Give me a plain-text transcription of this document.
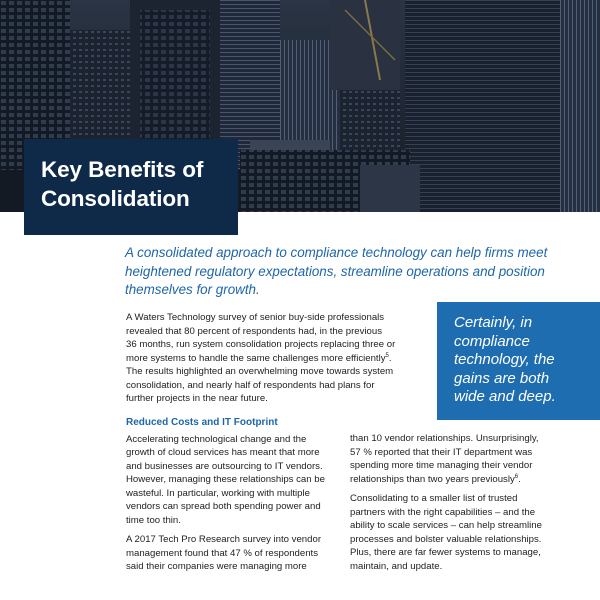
Key Benefits of
Consolidation
A consolidated approach to compliance technology can help firms meet
heightened regulatory expectations, streamline operations and position
themselves for growth.
A Waters Technology survey of senior buy-side professionals
revealed that 80 percent of respondents had, in the previous
36 months, run system consolidation projects replacing three or
more systems to handle the same challenges more efficiently$^5$.
The results highlighted an overwhelming move towards system
consolidation, and nearly half of respondents had plans for
further projects in the near future.
Certainly, in
compliance
technology, the
gains are both
wide and deep.
Reduced Costs and IT Footprint
Accelerating technological change and the
growth of cloud services has meant that more
and businesses are outsourcing to IT vendors.
However, managing these relationships can be
wasteful. In particular, working with multiple
vendors can spread both spending power and
time too thin.
A 2017 Tech Pro Research survey into vendor
management found that 47 % of respondents
said their companies were managing more
than 10 vendor relationships. Unsurprisingly,
57 % reported that their IT department was
spending more time managing their vendor
relationships than two years previously$^6$.
Consolidating to a smaller list of trusted
partners with the right capabilities – and the
ability to scale services – can help streamline
processes and bolster valuable relationships.
Plus, there are far fewer systems to manage,
maintain, and update.
